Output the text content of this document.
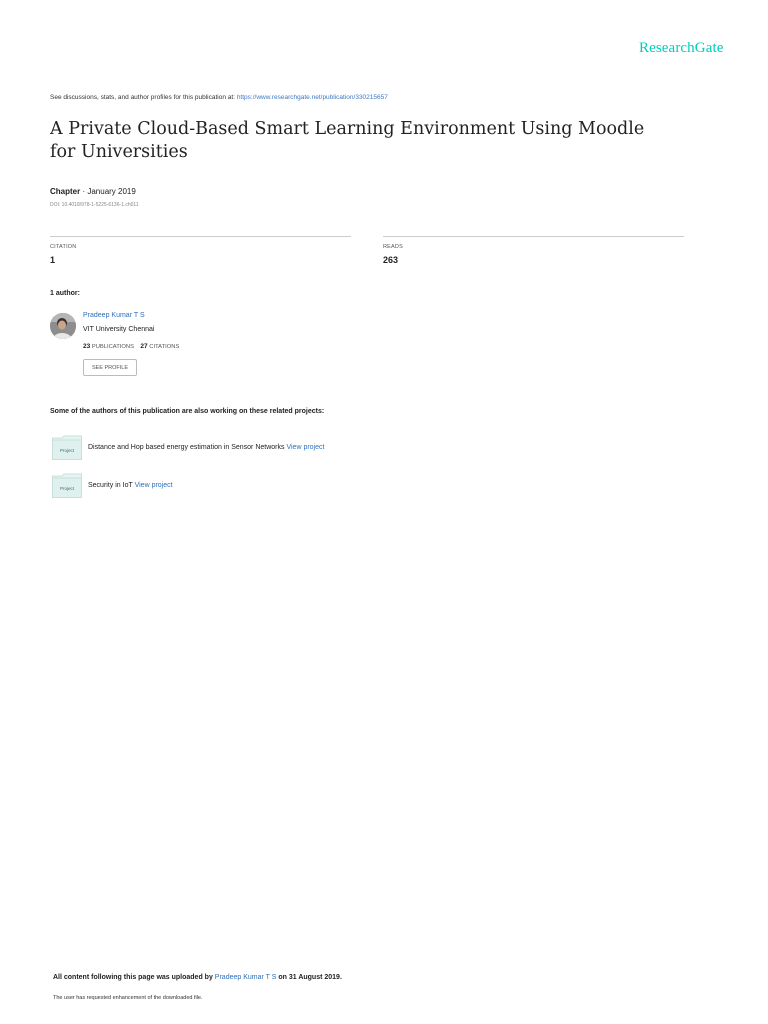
ResearchGate
See discussions, stats, and author profiles for this publication at: https://www.researchgate.net/publication/330215657
A Private Cloud-Based Smart Learning Environment Using Moodle for Universities
Chapter · January 2019
DOI: 10.4018/978-1-5225-6136-1.ch011
CITATION
1
READS
263
1 author:
Pradeep Kumar T S
VIT University Chennai
23 PUBLICATIONS 27 CITATIONS
SEE PROFILE
Some of the authors of this publication are also working on these related projects:
Project Distance and Hop based energy estimation in Sensor Networks View project
Project Security in IoT View project
All content following this page was uploaded by Pradeep Kumar T S on 31 August 2019.
The user has requested enhancement of the downloaded file.
